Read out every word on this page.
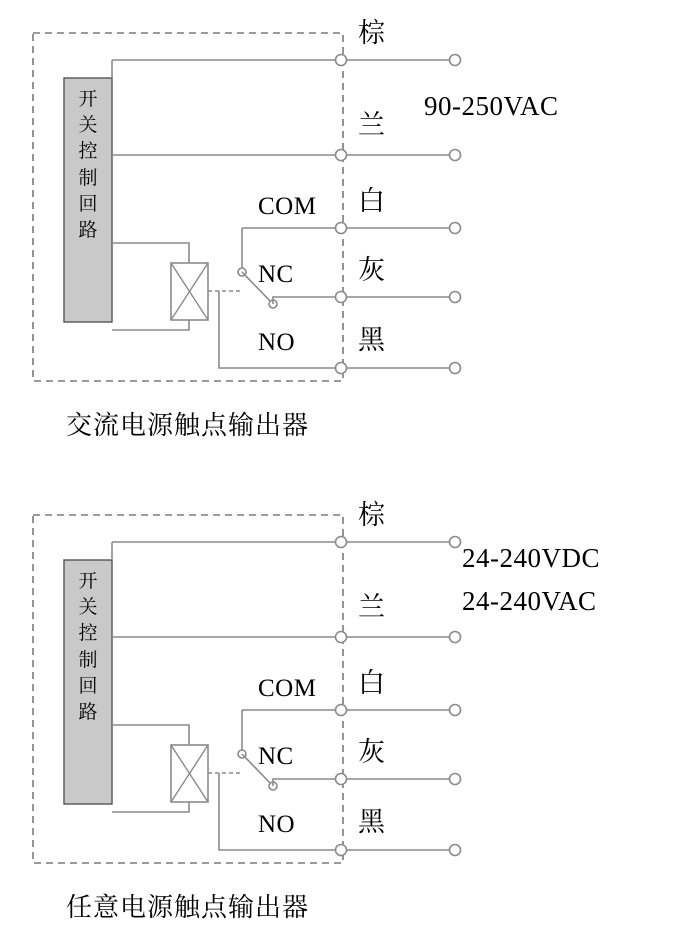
开
关
控
制
回
路
棕
兰
白
灰
黑
COM
NC
NO
90-250VAC
交流电源触点输出器
开
关
控
制
回
路
棕
兰
白
灰
黑
COM
NC
NO
24-240VDC
24-240VAC
任意电源触点输出器
